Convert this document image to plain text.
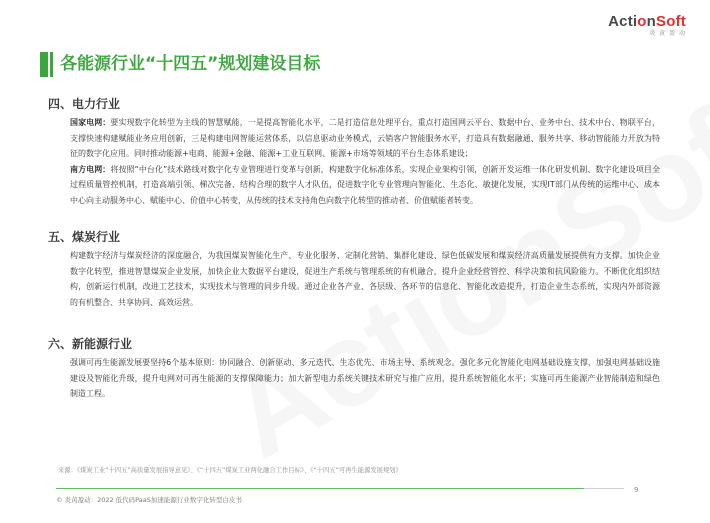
ActionSoft
炎 黄 盈 动
各能源行业“十四五”规划建设目标
四、电力行业

国家电网：要实现数字化转型为主线的智慧赋能，一是提高智能化水平，二是打造信息处理平台，重点打造国网云平台、数据中台、业务中台、技术中台、物联平台，支撑快速构建赋能业务应用创新，三是构建电网智能运营体系，以信息驱动业务模式，云销客户智能服务水平，打造具有数据融通、服务共享、移动智能能力开放为特征的数字化应用。同时推动能源+电商、能源+金融、能源+工业互联网、能源+市场等领域的平台生态体系建设；

南方电网：将按照“中台化”技术路线对数字化专业管理进行变革与创新，构建数字化标准体系，实现企业架构引领，创新开发运维一体化研发机制、数字化建设项目全过程质量管控机制，打造高端引领、梯次完备、结构合理的数字人才队伍，促进数字化专业管理向智能化、生态化、敏捷化发展，实现IT部门从传统的运维中心、成本中心向主动服务中心、赋能中心、价值中心转变，从传统的技术支持角色向数字化转型的推动者、价值赋能者转变。

五、煤炭行业

构建数字经济与煤炭经济的深度融合，为我国煤炭智能化生产、专业化服务、定制化营销、集群化建设、绿色低碳发展和煤炭经济高质量发展提供有力支撑。加快企业数字化转型，推进智慧煤炭企业发展，加快企业大数据平台建设，促进生产系统与管理系统的有机融合，提升企业经营管控、科学决策和抗风险能力。不断优化组织结构，创新运行机制，改进工艺技术，实现技术与管理的同步升级。通过企业各产业、各层级、各环节的信息化、智能化改造提升，打造企业生态系统，实现内外部资源的有机整合、共享协同、高效运营。

六、新能源行业

强调可再生能源发展要坚持6个基本原则：协同融合、创新驱动、多元迭代、生态优先、市场主导、系统观念。强化多元化智能化电网基础设施支撑，加强电网基础设施建设及智能化升级，提升电网对可再生能源的支撑保障能力；加大新型电力系统关键技术研究与推广应用，提升系统智能化水平；实施可再生能源产业智能制造和绿色制造工程。

来源：《煤炭工业“十四五”高质量发展指导意见》、《“十四五”煤炭工业两化融合工作目标》、《“十四五”可再生能源发展规划》
9
© 炎黄盈动：2022 低代码PaaS加速能源行业数字化转型白皮书
